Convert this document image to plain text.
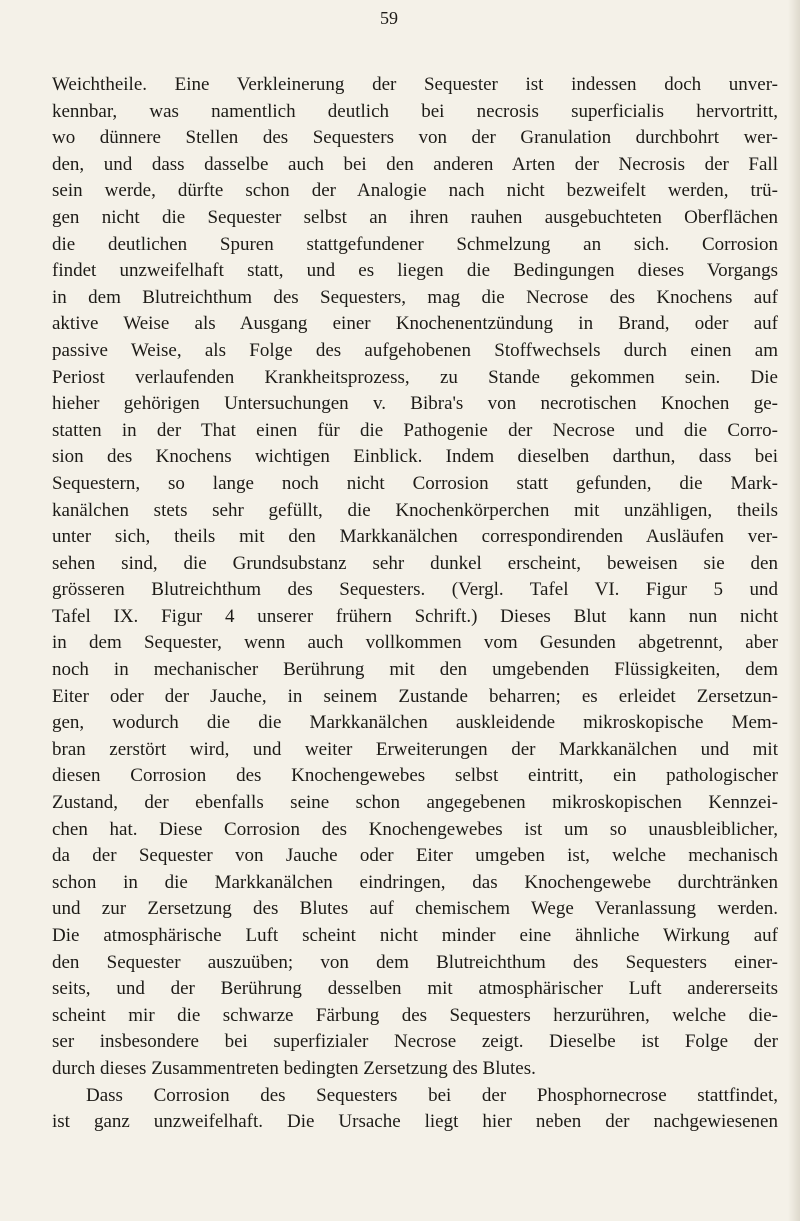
59
Weichtheile. Eine Verkleinerung der Sequester ist indessen doch unver-
kennbar, was namentlich deutlich bei necrosis superficialis hervortritt,
wo dünnere Stellen des Sequesters von der Granulation durchbohrt wer-
den, und dass dasselbe auch bei den anderen Arten der Necrosis der Fall
sein werde, dürfte schon der Analogie nach nicht bezweifelt werden, trü-
gen nicht die Sequester selbst an ihren rauhen ausgebuchteten Oberflächen
die deutlichen Spuren stattgefundener Schmelzung an sich. Corrosion
findet unzweifelhaft statt, und es liegen die Bedingungen dieses Vorgangs
in dem Blutreichthum des Sequesters, mag die Necrose des Knochens auf
aktive Weise als Ausgang einer Knochenentzündung in Brand, oder auf
passive Weise, als Folge des aufgehobenen Stoffwechsels durch einen am
Periost verlaufenden Krankheitsprozess, zu Stande gekommen sein. Die
hieher gehörigen Untersuchungen v. Bibra's von necrotischen Knochen ge-
statten in der That einen für die Pathogenie der Necrose und die Corro-
sion des Knochens wichtigen Einblick. Indem dieselben darthun, dass bei
Sequestern, so lange noch nicht Corrosion statt gefunden, die Mark-
kanälchen stets sehr gefüllt, die Knochenkörperchen mit unzähligen, theils
unter sich, theils mit den Markkanälchen correspondirenden Ausläufen ver-
sehen sind, die Grundsubstanz sehr dunkel erscheint, beweisen sie den
grösseren Blutreichthum des Sequesters. (Vergl. Tafel VI. Figur 5 und
Tafel IX. Figur 4 unserer frühern Schrift.) Dieses Blut kann nun nicht
in dem Sequester, wenn auch vollkommen vom Gesunden abgetrennt, aber
noch in mechanischer Berührung mit den umgebenden Flüssigkeiten, dem
Eiter oder der Jauche, in seinem Zustande beharren; es erleidet Zersetzun-
gen, wodurch die die Markkanälchen auskleidende mikroskopische Mem-
bran zerstört wird, und weiter Erweiterungen der Markkanälchen und mit
diesen Corrosion des Knochengewebes selbst eintritt, ein pathologischer
Zustand, der ebenfalls seine schon angegebenen mikroskopischen Kennzei-
chen hat. Diese Corrosion des Knochengewebes ist um so unausbleiblicher,
da der Sequester von Jauche oder Eiter umgeben ist, welche mechanisch
schon in die Markkanälchen eindringen, das Knochengewebe durchtränken
und zur Zersetzung des Blutes auf chemischem Wege Veranlassung werden.
Die atmosphärische Luft scheint nicht minder eine ähnliche Wirkung auf
den Sequester auszuüben; von dem Blutreichthum des Sequesters einer-
seits, und der Berührung desselben mit atmosphärischer Luft andererseits
scheint mir die schwarze Färbung des Sequesters herzurühren, welche die-
ser insbesondere bei superfizialer Necrose zeigt. Dieselbe ist Folge der
durch dieses Zusammentreten bedingten Zersetzung des Blutes.
Dass Corrosion des Sequesters bei der Phosphornecrose stattfindet,
ist ganz unzweifelhaft. Die Ursache liegt hier neben der nachgewiesenen
